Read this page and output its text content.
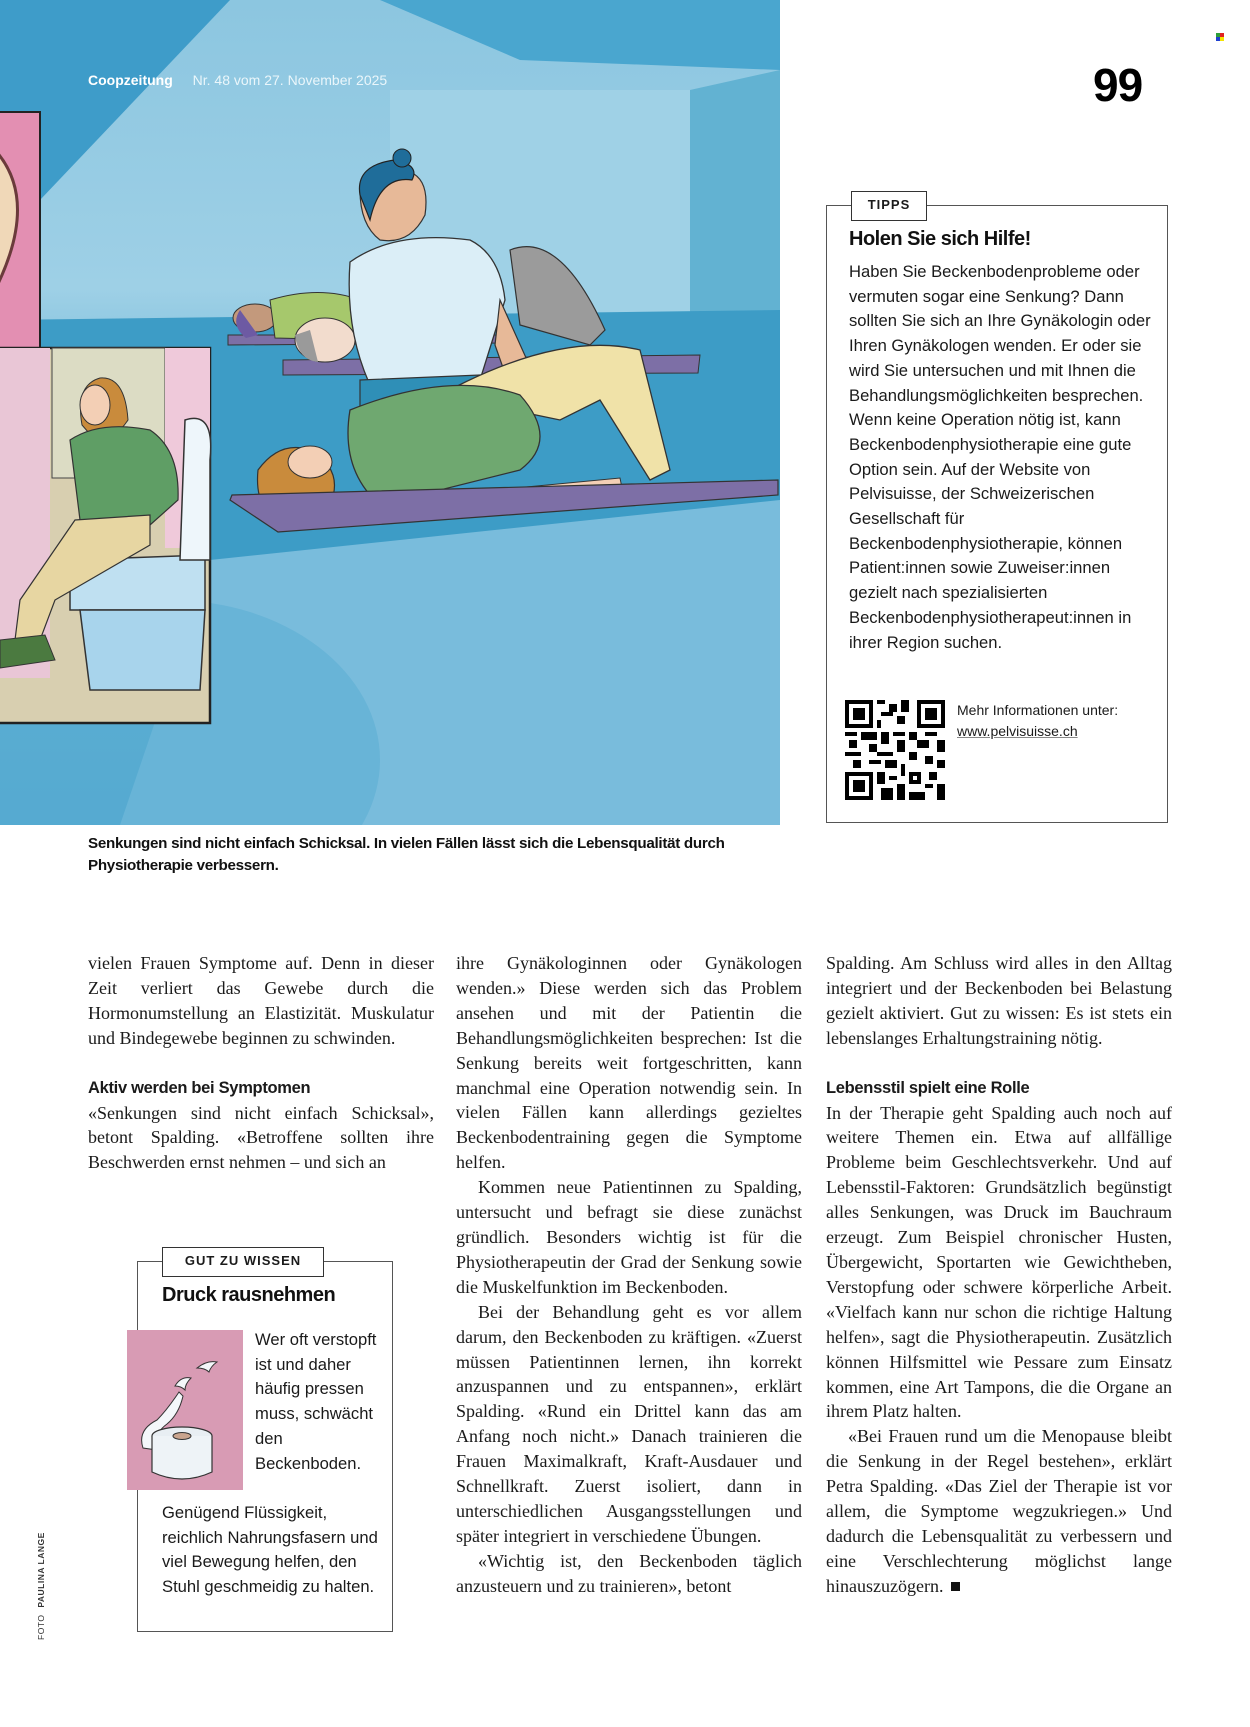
Coopzeitung Nr. 48 vom 27. November 2025	99
TIPPS
Holen Sie sich Hilfe!

Haben Sie Beckenbodenprobleme oder vermuten sogar eine Senkung? Dann sollten Sie sich an Ihre Gynäkologin oder Ihren Gynäkologen wenden. Er oder sie wird Sie untersuchen und mit Ihnen die Behandlungsmöglichkeiten besprechen. Wenn keine Operation nötig ist, kann Beckenbodenphysiotherapie eine gute Option sein. Auf der Website von Pelvisuisse, der Schweizerischen Gesellschaft für Beckenbodenphysiotherapie, können Patient:innen sowie Zuweiser:innen gezielt nach spezialisierten Beckenbodenphysiotherapeut:innen in ihrer Region suchen.

Mehr Informationen unter:
www.pelvisuisse.ch
Senkungen sind nicht einfach Schicksal. In vielen Fällen lässt sich die Lebensqualität durch Physiotherapie verbessern.

vielen Frauen Symptome auf. Denn in dieser Zeit verliert das Gewebe durch die Hormonumstellung an Elastizität. Muskulatur und Bindegewebe beginnen zu schwinden.

Aktiv werden bei Symptomen

«Senkungen sind nicht einfach Schicksal», betont Spalding. «Betroffene sollten ihre Beschwerden ernst nehmen – und sich an

GUT ZU WISSEN
Druck rausnehmen
Wer oft verstopft ist und daher häufig pressen muss, schwächt den Beckenboden.
Genügend Flüssigkeit, reichlich Nahrungsfasern und viel Bewegung helfen, den Stuhl geschmeidig zu halten.

ihre Gynäkologinnen oder Gynäkologen wenden.» Diese werden sich das Problem ansehen und mit der Patientin die Behandlungsmöglichkeiten besprechen: Ist die Senkung bereits weit fortgeschritten, kann manchmal eine Operation notwendig sein. In vielen Fällen kann allerdings gezieltes Beckenbodentraining gegen die Symptome helfen.

Kommen neue Patientinnen zu Spalding, untersucht und befragt sie diese zunächst gründlich. Besonders wichtig ist für die Physiotherapeutin der Grad der Senkung sowie die Muskelfunktion im Beckenboden.

Bei der Behandlung geht es vor allem darum, den Beckenboden zu kräftigen. «Zuerst müssen Patientinnen lernen, ihn korrekt anzuspannen und zu entspannen», erklärt Spalding. «Rund ein Drittel kann das am Anfang noch nicht.» Danach trainieren die Frauen Maximalkraft, Kraft-Ausdauer und Schnellkraft. Zuerst isoliert, dann in unterschiedlichen Ausgangsstellungen und später integriert in verschiedene Übungen.

«Wichtig ist, den Beckenboden täglich anzusteuern und zu trainieren», betont

Spalding. Am Schluss wird alles in den Alltag integriert und der Beckenboden bei Belastung gezielt aktiviert. Gut zu wissen: Es ist stets ein lebenslanges Erhaltungstraining nötig.

Lebensstil spielt eine Rolle

In der Therapie geht Spalding auch noch auf weitere Themen ein. Etwa auf allfällige Probleme beim Geschlechtsverkehr. Und auf Lebensstil-Faktoren: Grundsätzlich begünstigt alles Senkungen, was Druck im Bauchraum erzeugt. Zum Beispiel chronischer Husten, Übergewicht, Sportarten wie Gewichtheben, Verstopfung oder schwere körperliche Arbeit. «Vielfach kann nur schon die richtige Haltung helfen», sagt die Physiotherapeutin. Zusätzlich können Hilfsmittel wie Pessare zum Einsatz kommen, eine Art Tampons, die die Organe an ihrem Platz halten.

«Bei Frauen rund um die Menopause bleibt die Senkung in der Regel bestehen», erklärt Petra Spalding. «Das Ziel der Therapie ist vor allem, die Symptome wegzukriegen.» Und dadurch die Lebensqualität zu verbessern und eine Verschlechterung möglichst lange hinauszuzögern.

FOTO PAULINA LANGE
